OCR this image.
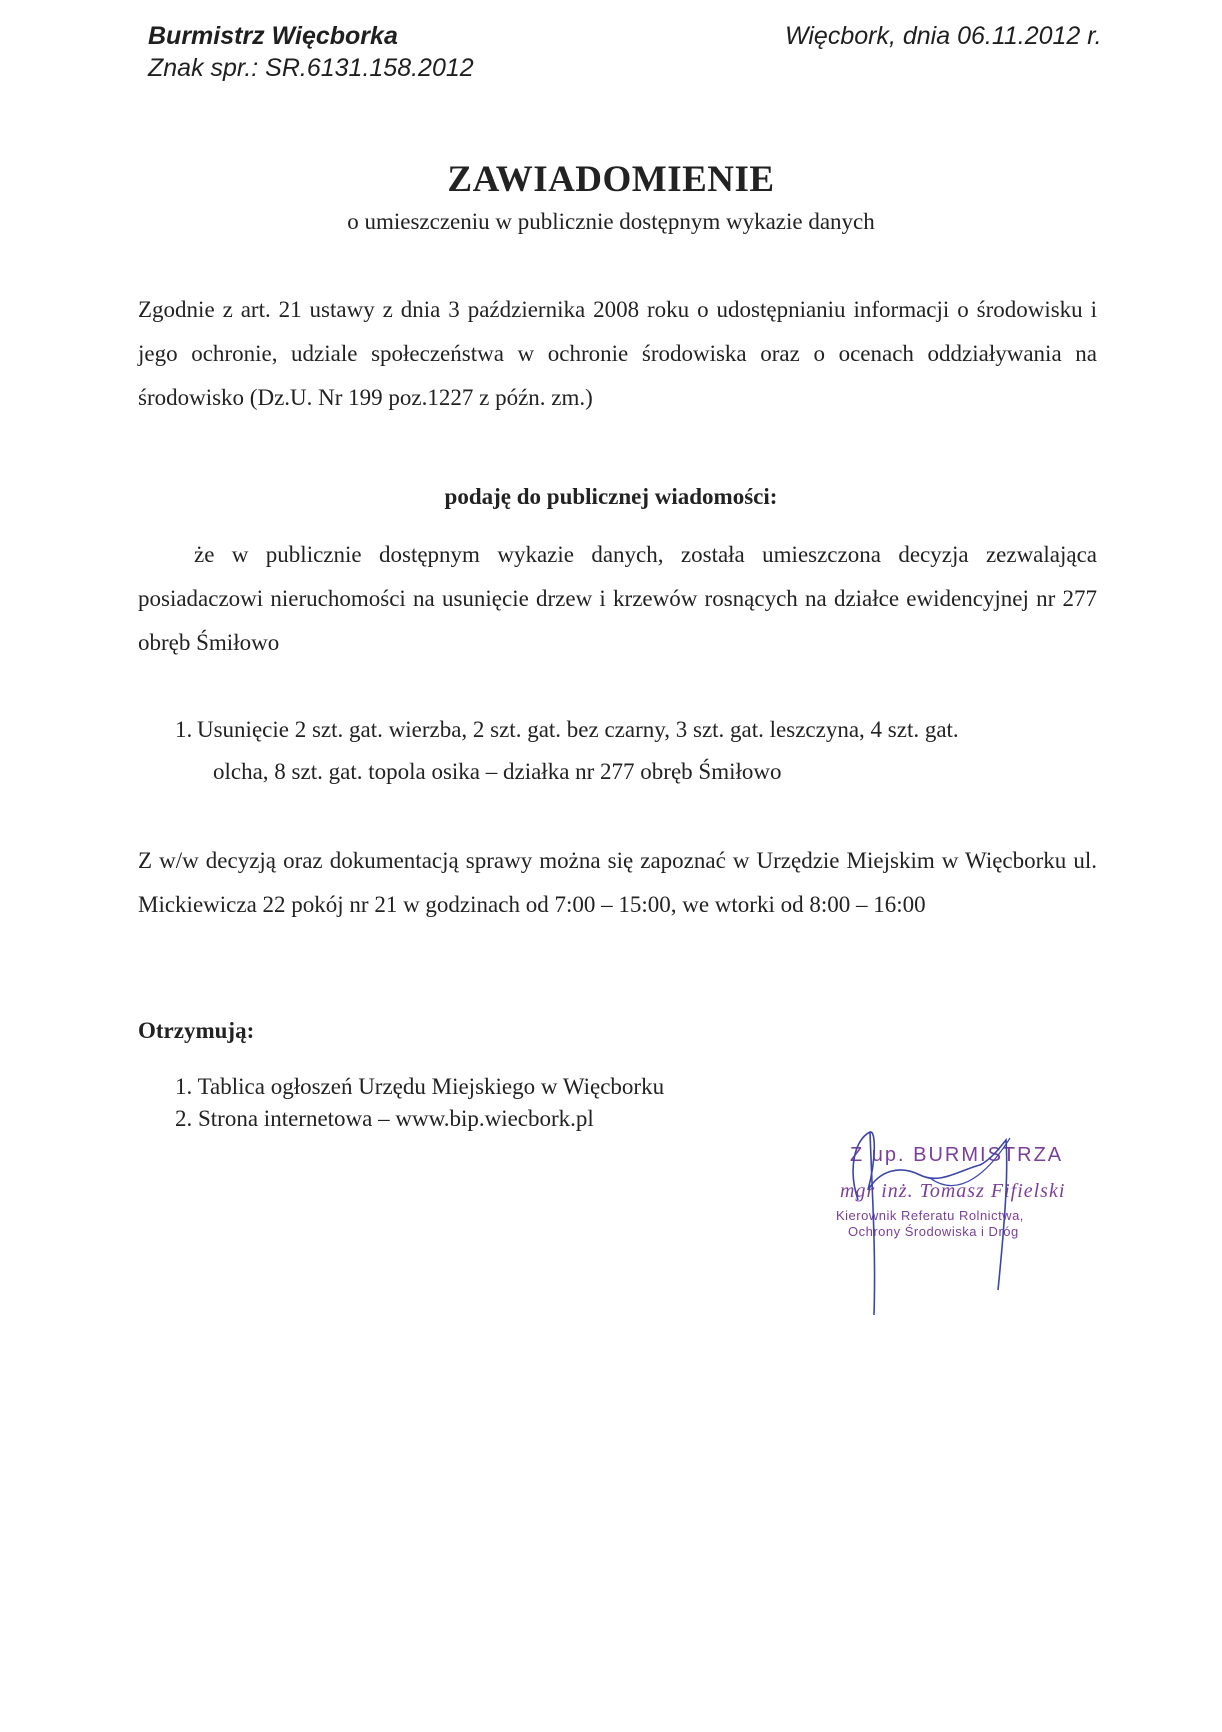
Burmistrz Więcborka
Znak spr.: SR.6131.158.2012
Więcbork, dnia 06.11.2012 r.
ZAWIADOMIENIE
o umieszczeniu w publicznie dostępnym wykazie danych
Zgodnie z art. 21 ustawy z dnia 3 października 2008 roku o udostępnianiu informacji o środowisku i jego ochronie, udziale społeczeństwa w ochronie środowiska oraz o ocenach oddziaływania na środowisko (Dz.U. Nr 199 poz.1227 z późn. zm.)
podaję do publicznej wiadomości:
że w publicznie dostępnym wykazie danych, została umieszczona decyzja zezwalająca posiadaczowi nieruchomości na usunięcie drzew i krzewów rosnących na działce ewidencyjnej nr 277 obręb Śmiłowo
1. Usunięcie 2 szt. gat. wierzba, 2 szt. gat. bez czarny, 3 szt. gat. leszczyna, 4 szt. gat.
olcha, 8 szt. gat. topola osika – działka nr 277 obręb Śmiłowo
Z w/w decyzją oraz dokumentacją sprawy można się zapoznać w Urzędzie Miejskim w Więcborku ul. Mickiewicza 22 pokój nr 21 w godzinach od 7:00 – 15:00, we wtorki od 8:00 – 16:00
Otrzymują:
1. Tablica ogłoszeń Urzędu Miejskiego w Więcborku
2. Strona internetowa – www.bip.wiecbork.pl
Z up. BURMISTRZA
mgr inż. Tomasz Fifielski
Kierownik Referatu Rolnictwa,
Ochrony Środowiska i Dróg
